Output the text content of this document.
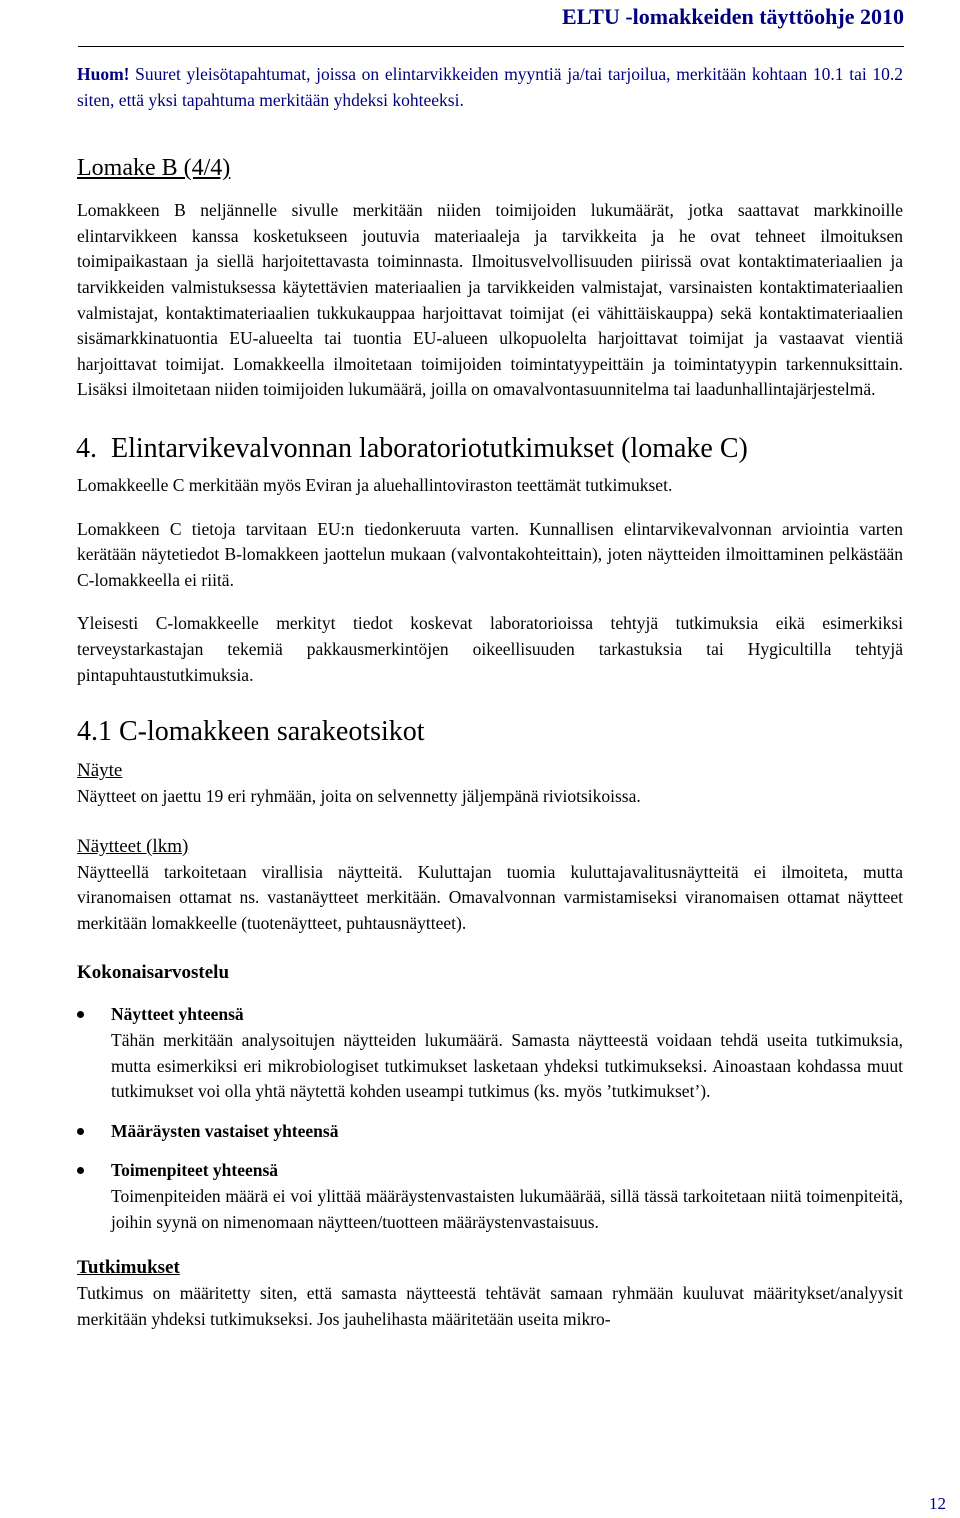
ELTU -lomakkeiden täyttöohje 2010

Huom! Suuret yleisötapahtumat, joissa on elintarvikkeiden myyntiä ja/tai tarjoilua, merkitään kohtaan 10.1 tai 10.2 siten, että yksi tapahtuma merkitään yhdeksi kohteeksi.

Lomake B (4/4)

Lomakkeen B neljännelle sivulle merkitään niiden toimijoiden lukumäärät, jotka saattavat markkinoille elintarvikkeen kanssa kosketukseen joutuvia materiaaleja ja tarvikkeita ja he ovat tehneet ilmoituksen toimipaikastaan ja siellä harjoitettavasta toiminnasta. Ilmoitusvelvollisuuden piirissä ovat kontaktimateriaalien ja tarvikkeiden valmistuksessa käytettävien materiaalien ja tarvikkeiden valmistajat, varsinaisten kontaktimateriaalien valmistajat, kontaktimateriaalien tukkukauppaa harjoittavat toimijat (ei vähittäiskauppa) sekä kontaktimateriaalien sisämarkkinatuontia EU-alueelta tai tuontia EU-alueen ulkopuolelta harjoittavat toimijat ja vastaavat vientiä harjoittavat toimijat. Lomakkeella ilmoitetaan toimijoiden toimintatyypeittäin ja toimintatyypin tarkennuksittain. Lisäksi ilmoitetaan niiden toimijoiden lukumäärä, joilla on omavalvontasuunnitelma tai laadunhallintajärjestelmä.

4. Elintarvikevalvonnan laboratoriotutkimukset (lomake C)

Lomakkeelle C merkitään myös Eviran ja aluehallintoviraston teettämät tutkimukset.

Lomakkeen C tietoja tarvitaan EU:n tiedonkeruuta varten. Kunnallisen elintarvikevalvonnan arviointia varten kerätään näytetiedot B-lomakkeen jaottelun mukaan (valvontakohteittain), joten näytteiden ilmoittaminen pelkästään C-lomakkeella ei riitä.

Yleisesti C-lomakkeelle merkityt tiedot koskevat laboratorioissa tehtyjä tutkimuksia eikä esimerkiksi terveystarkastajan tekemiä pakkausmerkintöjen oikeellisuuden tarkastuksia tai Hygicultilla tehtyjä pintapuhtaustutkimuksia.

4.1 C-lomakkeen sarakeotsikot
Näyte

Näytteet on jaettu 19 eri ryhmään, joita on selvennetty jäljempänä riviotsikoissa.

Näytteet (lkm)

Näytteellä tarkoitetaan virallisia näytteitä. Kuluttajan tuomia kuluttajavalitusnäytteitä ei ilmoiteta, mutta viranomaisen ottamat ns. vastanäytteet merkitään. Omavalvonnan varmistamiseksi viranomaisen ottamat näytteet merkitään lomakkeelle (tuotenäytteet, puhtausnäytteet).

Kokonaisarvostelu
Näytteet yhteensä

Tähän merkitään analysoitujen näytteiden lukumäärä. Samasta näytteestä voidaan tehdä useita tutkimuksia, mutta esimerkiksi eri mikrobiologiset tutkimukset lasketaan yhdeksi tutkimukseksi. Ainoastaan kohdassa muut tutkimukset voi olla yhtä näytettä kohden useampi tutkimus (ks. myös ’tutkimukset’).

Määräysten vastaiset yhteensä
Toimenpiteet yhteensä

Toimenpiteiden määrä ei voi ylittää määräystenvastaisten lukumäärää, sillä tässä tarkoitetaan niitä toimenpiteitä, joihin syynä on nimenomaan näytteen/tuotteen määräystenvastaisuus.

Tutkimukset

Tutkimus on määritetty siten, että samasta näytteestä tehtävät samaan ryhmään kuuluvat määritykset/analyysit merkitään yhdeksi tutkimukseksi. Jos jauhelihasta määritetään useita mikro-

12
